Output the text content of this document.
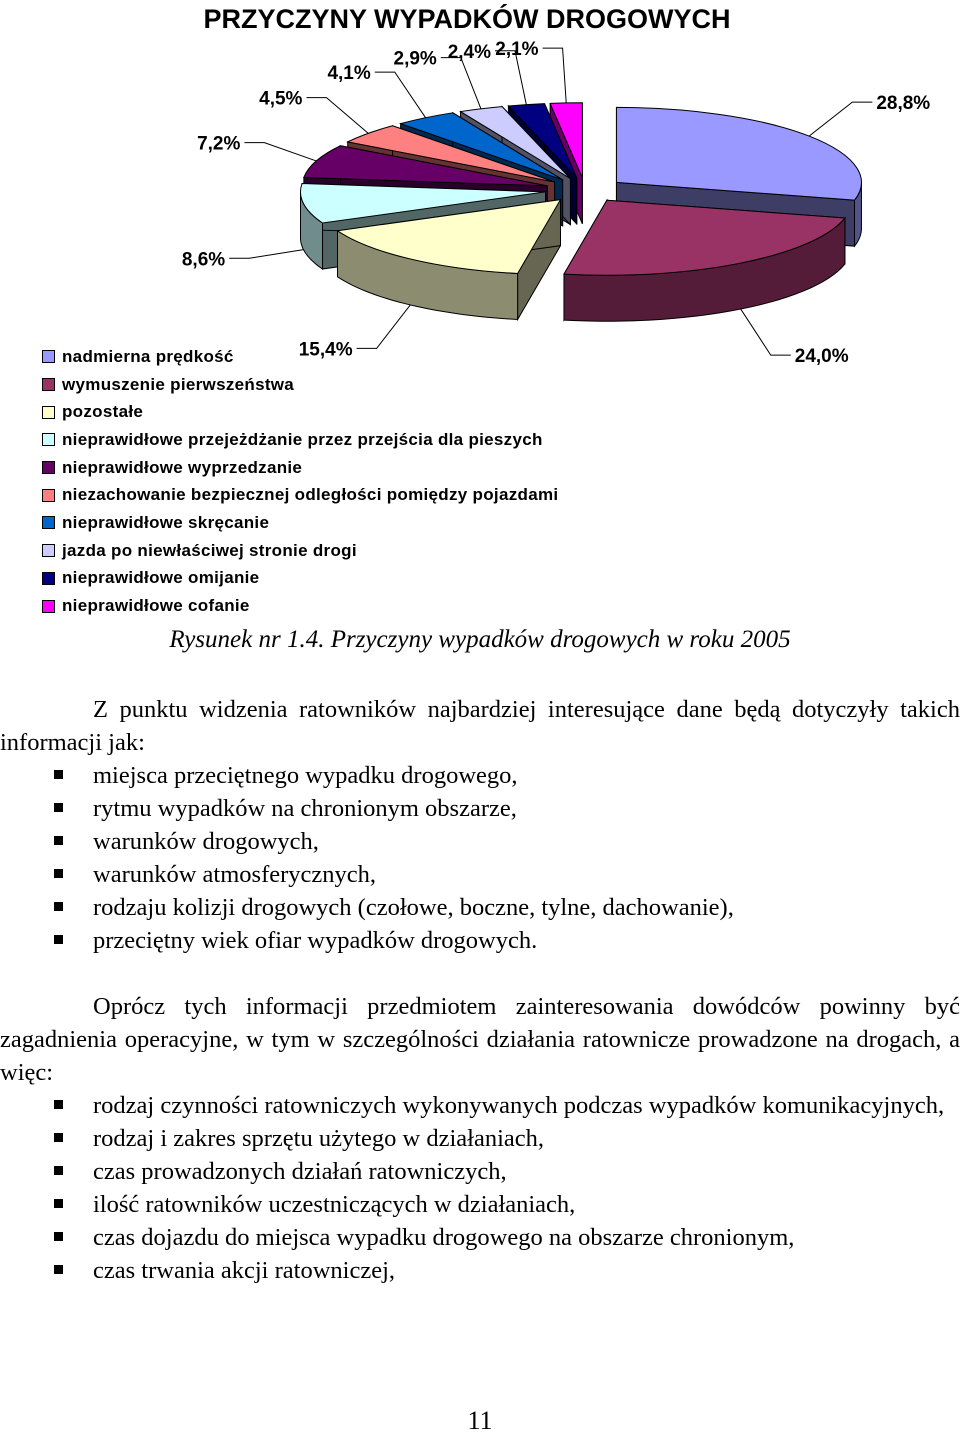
PRZYCZYNY WYPADKÓW DROGOWYCH
28,8%
24,0%
15,4%
8,6%
7,2%
4,5%
4,1%
2,9% 2,4% 2,1%
nadmierna prędkość
wymuszenie pierwszeństwa
pozostałe
nieprawidłowe przejeżdżanie przez przejścia dla pieszych
nieprawidłowe wyprzedzanie
niezachowanie bezpiecznej odległości pomiędzy pojazdami
nieprawidłowe skręcanie
jazda po niewłaściwej stronie drogi
nieprawidłowe omijanie
nieprawidłowe cofanie

Rysunek nr 1.4. Przyczyny wypadków drogowych w roku 2005

Z punktu widzenia ratowników najbardziej interesujące dane będą dotyczyły takich informacji jak:

miejsca przeciętnego wypadku drogowego,
rytmu wypadków na chronionym obszarze,
warunków drogowych,
warunków atmosferycznych,
rodzaju kolizji drogowych (czołowe, boczne, tylne, dachowanie),
przeciętny wiek ofiar wypadków drogowych.

Oprócz tych informacji przedmiotem zainteresowania dowódców powinny być zagadnienia operacyjne, w tym w szczególności działania ratownicze prowadzone na drogach, a więc:

rodzaj czynności ratowniczych wykonywanych podczas wypadków komunikacyjnych,
rodzaj i zakres sprzętu użytego w działaniach,
czas prowadzonych działań ratowniczych,
ilość ratowników uczestniczących w działaniach,
czas dojazdu do miejsca wypadku drogowego na obszarze chronionym,
czas trwania akcji ratowniczej,

11
